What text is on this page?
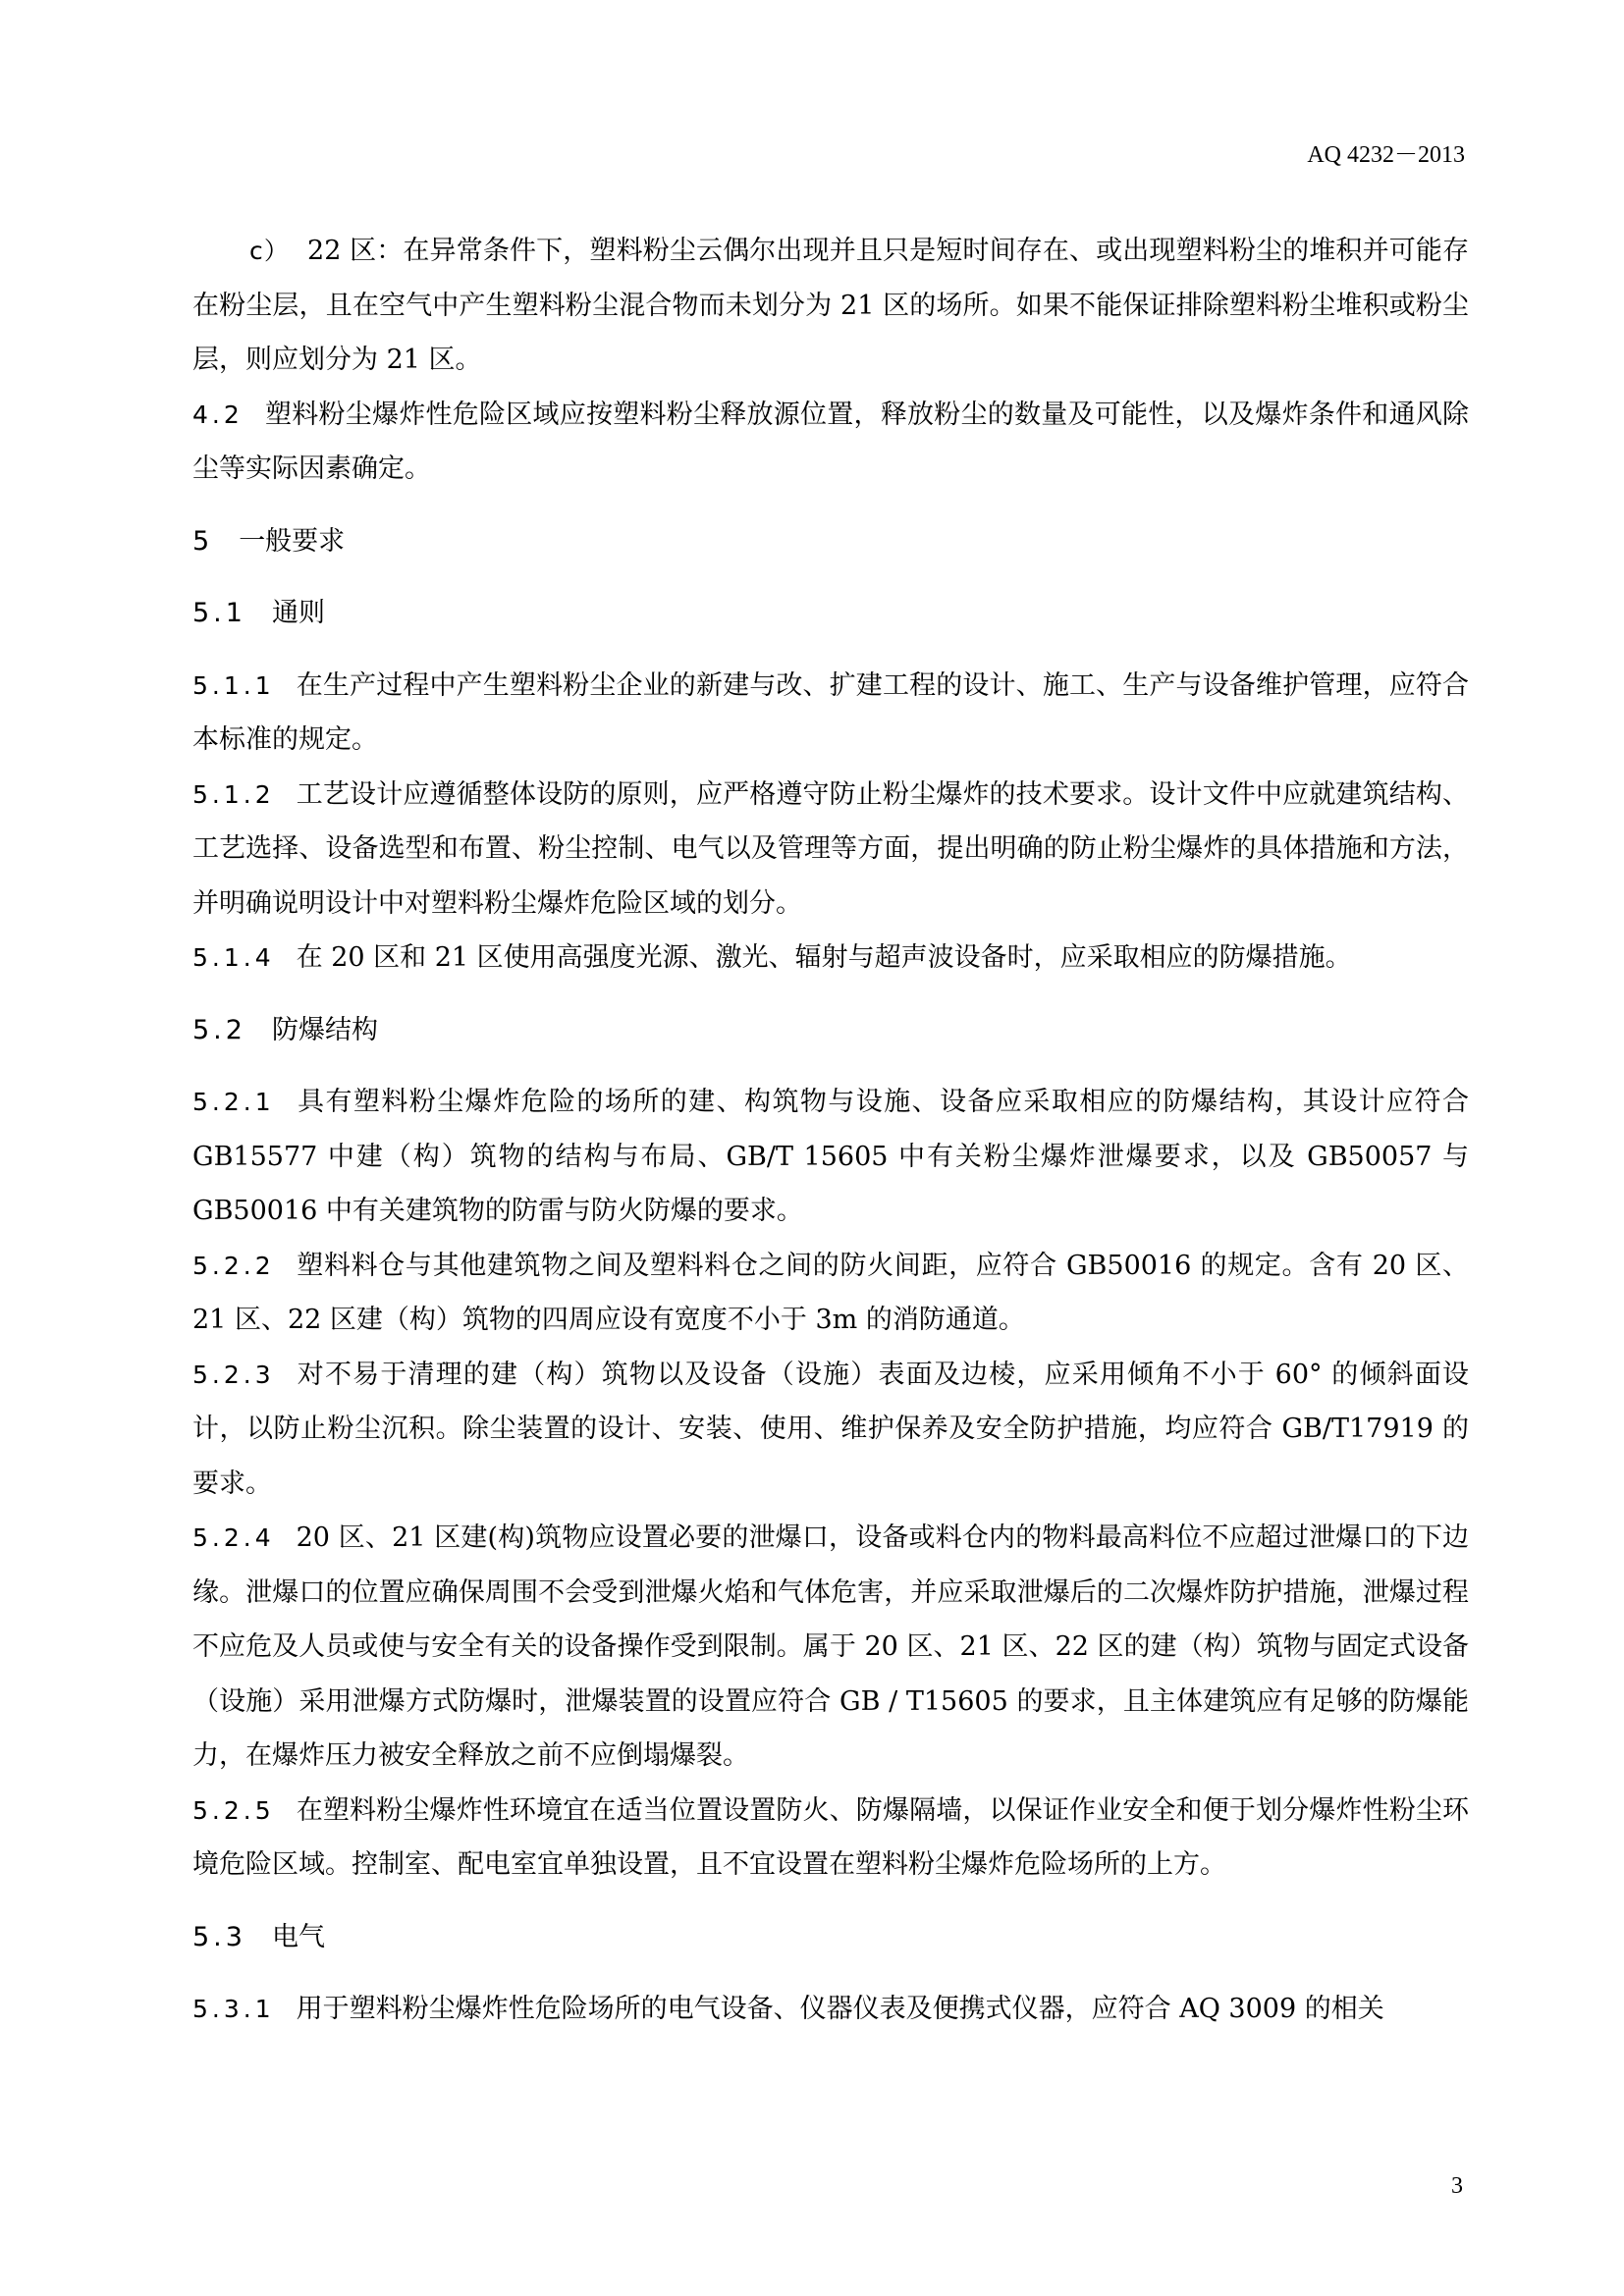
AQ 4232－2013

c） 22 区：在异常条件下，塑料粉尘云偶尔出现并且只是短时间存在、或出现塑料粉尘的堆积并可能存在粉尘层，且在空气中产生塑料粉尘混合物而未划分为 21 区的场所。如果不能保证排除塑料粉尘堆积或粉尘层，则应划分为 21 区。

4.2 塑料粉尘爆炸性危险区域应按塑料粉尘释放源位置，释放粉尘的数量及可能性，以及爆炸条件和通风除尘等实际因素确定。

5 一般要求

5.1 通则

5.1.1 在生产过程中产生塑料粉尘企业的新建与改、扩建工程的设计、施工、生产与设备维护管理，应符合本标准的规定。

5.1.2 工艺设计应遵循整体设防的原则，应严格遵守防止粉尘爆炸的技术要求。设计文件中应就建筑结构、工艺选择、设备选型和布置、粉尘控制、电气以及管理等方面，提出明确的防止粉尘爆炸的具体措施和方法，并明确说明设计中对塑料粉尘爆炸危险区域的划分。

5.1.4 在 20 区和 21 区使用高强度光源、激光、辐射与超声波设备时，应采取相应的防爆措施。

5.2 防爆结构

5.2.1 具有塑料粉尘爆炸危险的场所的建、构筑物与设施、设备应采取相应的防爆结构，其设计应符合 GB15577 中建（构）筑物的结构与布局、GB/T 15605 中有关粉尘爆炸泄爆要求，以及 GB50057 与 GB50016 中有关建筑物的防雷与防火防爆的要求。

5.2.2 塑料料仓与其他建筑物之间及塑料料仓之间的防火间距，应符合 GB50016 的规定。含有 20 区、21 区、22 区建（构）筑物的四周应设有宽度不小于 3m 的消防通道。

5.2.3 对不易于清理的建（构）筑物以及设备（设施）表面及边棱，应采用倾角不小于 60° 的倾斜面设计，以防止粉尘沉积。除尘装置的设计、安装、使用、维护保养及安全防护措施，均应符合 GB/T17919 的要求。

5.2.4 20 区、21 区建(构)筑物应设置必要的泄爆口，设备或料仓内的物料最高料位不应超过泄爆口的下边缘。泄爆口的位置应确保周围不会受到泄爆火焰和气体危害，并应采取泄爆后的二次爆炸防护措施，泄爆过程不应危及人员或使与安全有关的设备操作受到限制。属于 20 区、21 区、22 区的建（构）筑物与固定式设备（设施）采用泄爆方式防爆时，泄爆装置的设置应符合 GB / T15605 的要求，且主体建筑应有足够的防爆能力，在爆炸压力被安全释放之前不应倒塌爆裂。

5.2.5 在塑料粉尘爆炸性环境宜在适当位置设置防火、防爆隔墙，以保证作业安全和便于划分爆炸性粉尘环境危险区域。控制室、配电室宜单独设置，且不宜设置在塑料粉尘爆炸危险场所的上方。

5.3 电气

5.3.1 用于塑料粉尘爆炸性危险场所的电气设备、仪器仪表及便携式仪器，应符合 AQ 3009 的相关

3
